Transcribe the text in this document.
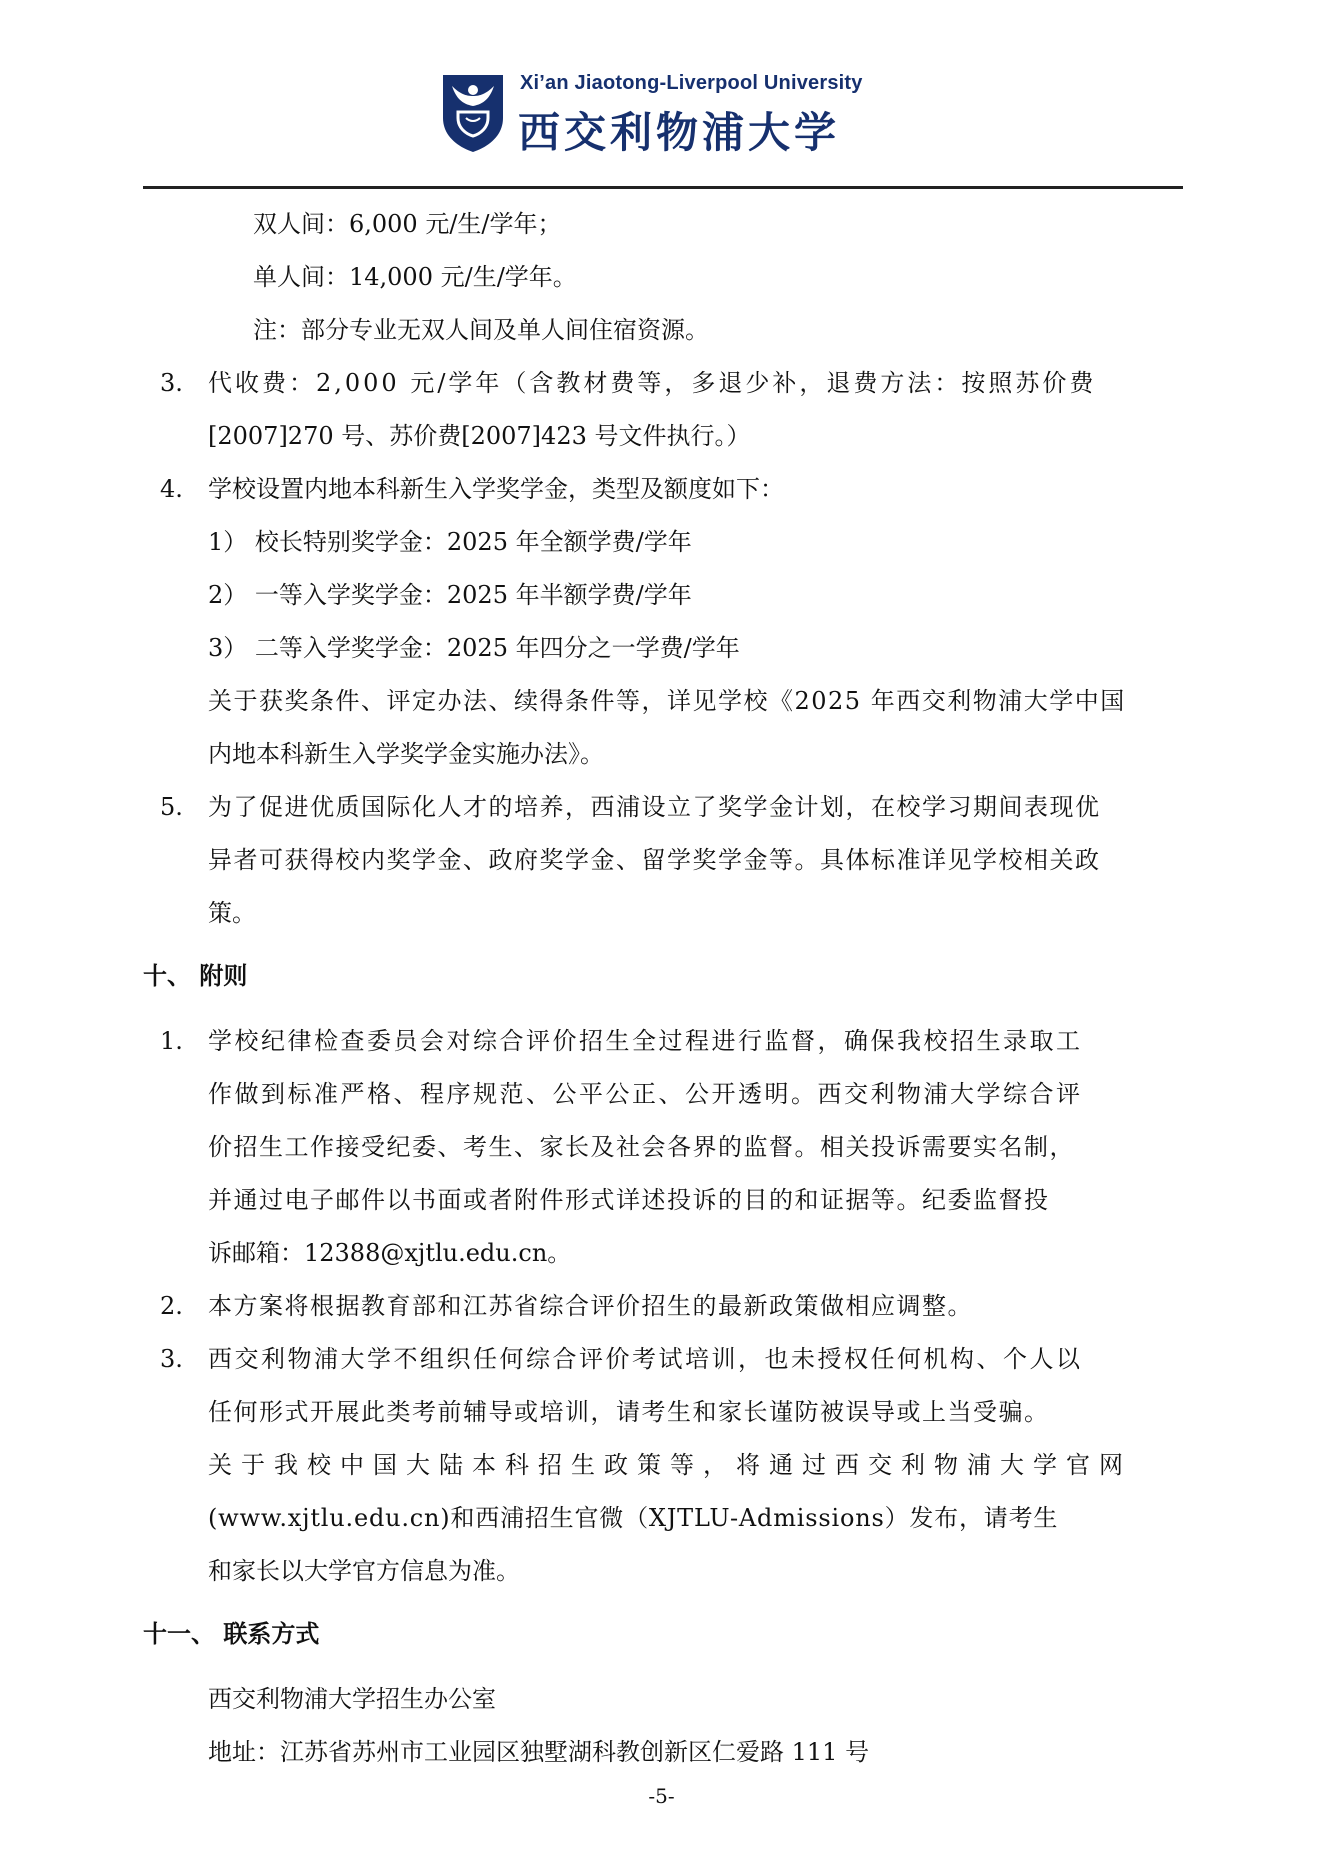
Xi’an Jiaotong-Liverpool University
西交利物浦大学
双人间：6,000 元/生/学年；
单人间：14,000 元/生/学年。
注：部分专业无双人间及单人间住宿资源。
3. 代收费：2,000 元/学年（含教材费等，多退少补，退费方法：按照苏价费
[2007]270 号、苏价费[2007]423 号文件执行。）
4. 学校设置内地本科新生入学奖学金，类型及额度如下：
1） 校长特别奖学金：2025 年全额学费/学年
2） 一等入学奖学金：2025 年半额学费/学年
3） 二等入学奖学金：2025 年四分之一学费/学年
关于获奖条件、评定办法、续得条件等，详见学校《2025 年西交利物浦大学中国
内地本科新生入学奖学金实施办法》。
5. 为了促进优质国际化人才的培养，西浦设立了奖学金计划，在校学习期间表现优
异者可获得校内奖学金、政府奖学金、留学奖学金等。具体标准详见学校相关政
策。
十、 附则
1. 学校纪律检查委员会对综合评价招生全过程进行监督，确保我校招生录取工
作做到标准严格、程序规范、公平公正、公开透明。西交利物浦大学综合评
价招生工作接受纪委、考生、家长及社会各界的监督。相关投诉需要实名制，
并通过电子邮件以书面或者附件形式详述投诉的目的和证据等。纪委监督投
诉邮箱：12388@xjtlu.edu.cn。
2. 本方案将根据教育部和江苏省综合评价招生的最新政策做相应调整。
3. 西交利物浦大学不组织任何综合评价考试培训，也未授权任何机构、个人以
任何形式开展此类考前辅导或培训，请考生和家长谨防被误导或上当受骗。
关于我校中国大陆本科招生政策等，将通过西交利物浦大学官网
(www.xjtlu.edu.cn)和西浦招生官微（XJTLU-Admissions）发布，请考生
和家长以大学官方信息为准。
十一、 联系方式
西交利物浦大学招生办公室
地址：江苏省苏州市工业园区独墅湖科教创新区仁爱路 111 号
-5-
